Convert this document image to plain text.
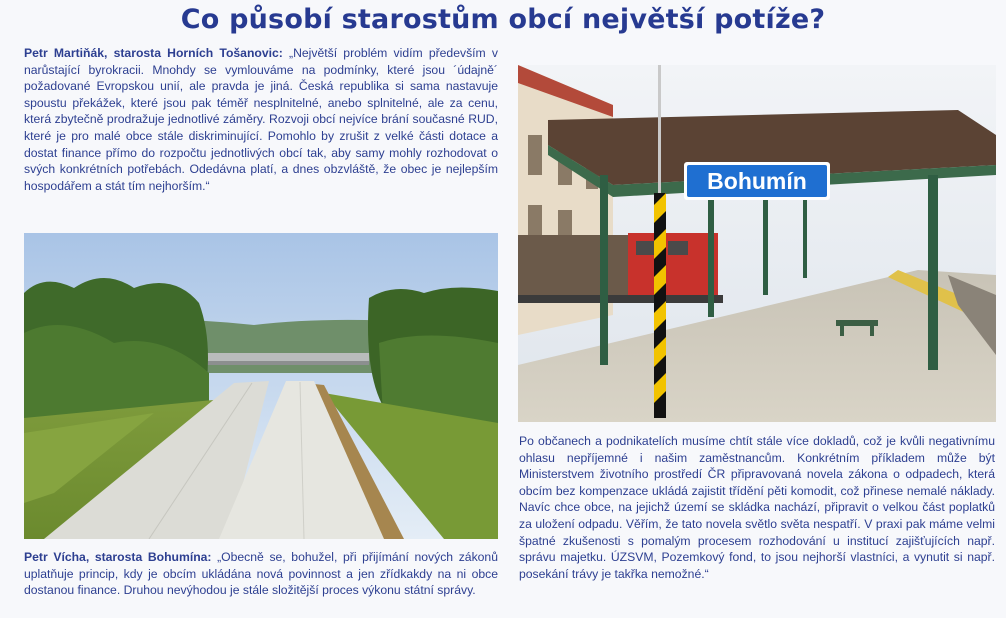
Co působí starostům obcí největší potíže?
Petr Martiňák, starosta Horních Tošanovic: „Největší problém vidím především v narůstající byrokracii. Mnohdy se vymlouváme na podmínky, které jsou ´údajně´ požadované Evropskou unií, ale pravda je jiná. Česká republika si sama nastavuje spoustu překážek, které jsou pak téměř nesplnitelné, anebo splnitelné, ale za cenu, která zbytečně prodražuje jednotlivé záměry. Rozvoji obcí nejvíce brání současné RUD, které je pro malé obce stále diskriminující. Pomohlo by zrušit z velké části dotace a dostat finance přímo do rozpočtu jednotlivých obcí tak, aby samy mohly rozhodovat o svých konkrétních potřebách. Odedávna platí, a dnes obzvláště, že obec je nejlepším hospodářem a stát tím nejhorším.“
Petr Vícha, starosta Bohumína: „Obecně se, bohužel, při přijímání nových zákonů uplatňuje princip, kdy je obcím ukládána nová povinnost a jen zřídkakdy na ni obce dostanou finance. Druhou nevýhodou je stále složitější proces výkonu státní správy.
Bohumín
Po občanech a podnikatelích musíme chtít stále více dokladů, což je kvůli negativnímu ohlasu nepříjemné i našim zaměstnancům. Konkrétním příkladem může být Ministerstvem životního prostředí ČR připravovaná novela zákona o odpadech, která obcím bez kompenzace ukládá zajistit třídění pěti komodit, což přinese nemalé náklady. Navíc chce obce, na jejichž území se skládka nachází, připravit o velkou část poplatků za uložení odpadu. Věřím, že tato novela světlo světa nespatří. V praxi pak máme velmi špatné zkušenosti s pomalým procesem rozhodování u institucí zajišťujících např. správu majetku. ÚZSVM, Pozemkový fond, to jsou nejhorší vlastníci, a vynutit si např. posekání trávy je takřka nemožné.“
